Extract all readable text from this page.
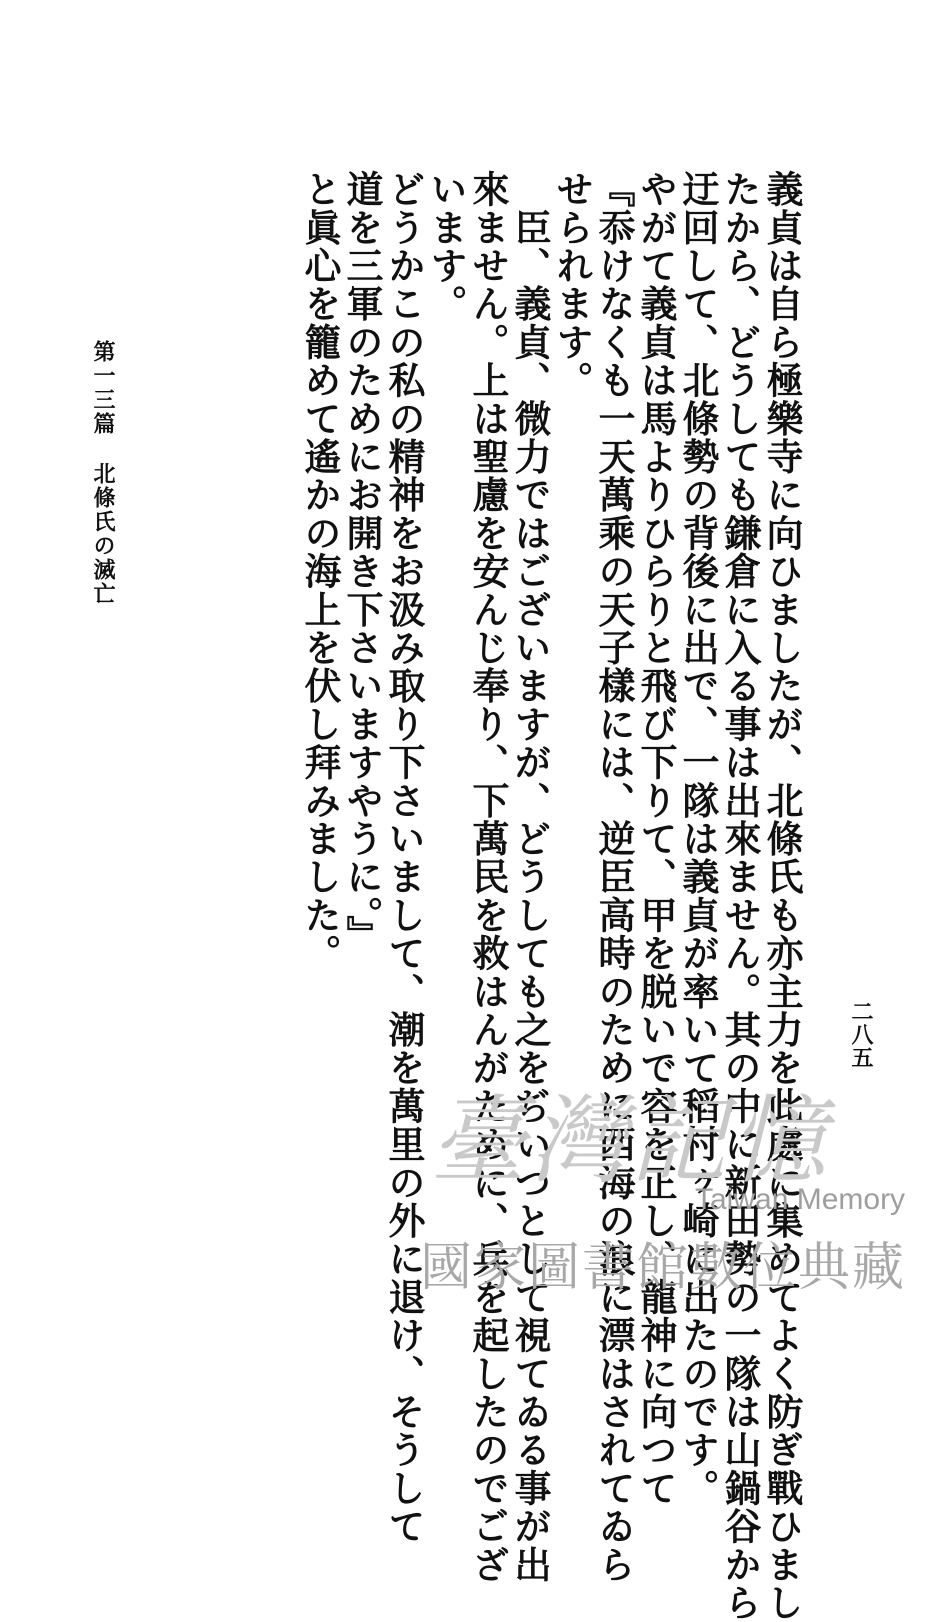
義貞は自ら極樂寺に向ひましたが、北條氏も亦主力を此處に集めてよく防ぎ戰ひまし
たから、どうしても鎌倉に入る事は出來ません。其の中に新田勢の一隊は山鍋谷から
迂回して、北條勢の背後に出で、一隊は義貞が率いて稻村ヶ崎に出たのです。
やがて義貞は馬よりひらりと飛び下りて、甲を脱いで容を正し、龍神に向つて
『忝けなくも一天萬乘の天子樣には、逆臣高時のために西海の浪に漂はされてゐら
せられます。
　臣、義貞、微力ではございますが、どうしても之をぢいつとして視てゐる事が出
來ません。上は聖慮を安んじ奉り、下萬民を救はんがために、兵を起したのでござ
います。
どうかこの私の精神をお汲み取り下さいまして、潮を萬里の外に退け、そうして
道を三軍のためにお開き下さいますやうに。』
と眞心を籠めて遙かの海上を伏し拜みました。
第一三篇北條氏の滅亡
二八五
臺灣記憶
Taiwan Memory
國家圖書館數位典藏
